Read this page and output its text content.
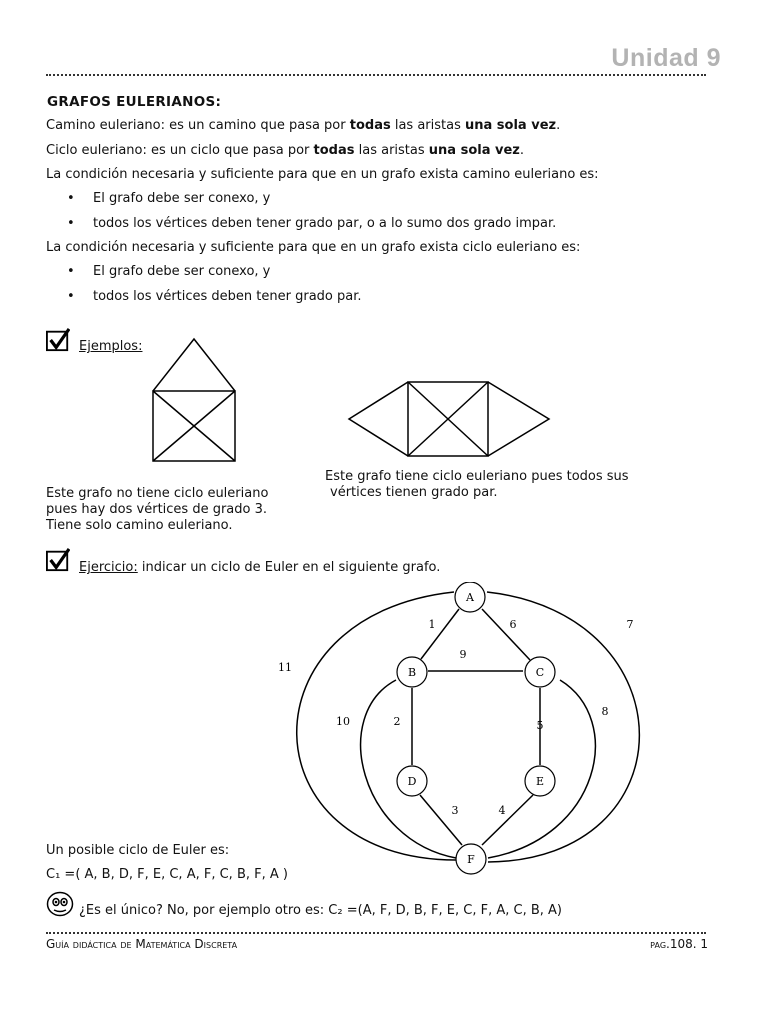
Unidad 9
GRAFOS EULERIANOS:
Camino euleriano: es un camino que pasa por todas las aristas una sola vez.
Ciclo euleriano: es un ciclo que pasa por todas las aristas una sola vez.
La condición necesaria y suficiente para que en un grafo exista camino euleriano es:
• El grafo debe ser conexo, y
• todos los vértices deben tener grado par, o a lo sumo dos grado impar.
La condición necesaria y suficiente para que en un grafo exista ciclo euleriano es:
• El grafo debe ser conexo, y
• todos los vértices deben tener grado par.
Ejemplos:
Este grafo no tiene ciclo euleriano
pues hay dos vértices de grado 3.
Tiene solo camino euleriano.
Este grafo tiene ciclo euleriano pues todos sus
vértices tienen grado par.
Ejercicio: indicar un ciclo de Euler en el siguiente grafo.
A
B	C
D	E
F
1
2
3	4
5
6	7
8
9
10
11
Un posible ciclo de Euler es:
C₁ =( A, B, D, F, E, C, A, F, C, B, F, A )
¿Es el único? No, por ejemplo otro es: C₂ =(A, F, D, B, F, E, C, F, A, C, B, A)
Guía didáctica de Matemática Discreta	pag.108. 1
